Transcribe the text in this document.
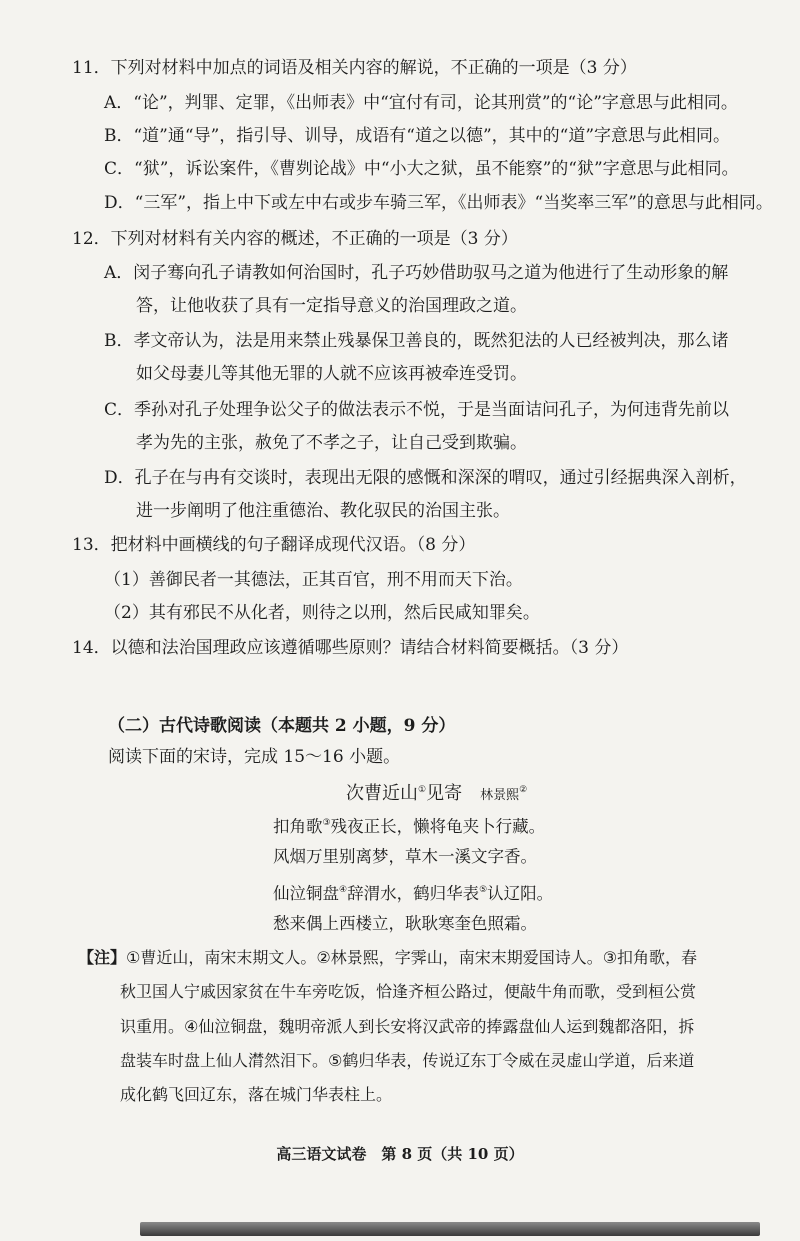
11．下列对材料中加点的词语及相关内容的解说，不正确的一项是（3 分）
A．“论”，判罪、定罪，《出师表》中“宜付有司，论其刑赏”的“论”字意思与此相同。
B．“道”通“导”，指引导、训导，成语有“道之以德”，其中的“道”字意思与此相同。
C．“狱”，诉讼案件，《曹刿论战》中“小大之狱，虽不能察”的“狱”字意思与此相同。
D．“三军”，指上中下或左中右或步车骑三军，《出师表》“当奖率三军”的意思与此相同。
12．下列对材料有关内容的概述，不正确的一项是（3 分）
A．闵子骞向孔子请教如何治国时，孔子巧妙借助驭马之道为他进行了生动形象的解
答，让他收获了具有一定指导意义的治国理政之道。
B．孝文帝认为，法是用来禁止残暴保卫善良的，既然犯法的人已经被判决，那么诸
如父母妻儿等其他无罪的人就不应该再被牵连受罚。
C．季孙对孔子处理争讼父子的做法表示不悦，于是当面诘问孔子，为何违背先前以
孝为先的主张，赦免了不孝之子，让自己受到欺骗。
D．孔子在与冉有交谈时，表现出无限的感慨和深深的喟叹，通过引经据典深入剖析，
进一步阐明了他注重德治、教化驭民的治国主张。
13．把材料中画横线的句子翻译成现代汉语。（8 分）
（1）善御民者一其德法，正其百官，刑不用而天下治。
（2）其有邪民不从化者，则待之以刑，然后民咸知罪矣。
14．以德和法治国理政应该遵循哪些原则？请结合材料简要概括。（3 分）
（二）古代诗歌阅读（本题共 2 小题，9 分）
阅读下面的宋诗，完成 15～16 小题。
次曹近山①见寄 林景熙②
扣角歌③残夜正长，懒将龟夹卜行藏。
风烟万里别离梦，草木一溪文字香。
仙泣铜盘④辞渭水，鹤归华表⑤认辽阳。
愁来偶上西楼立，耿耿寒奎色照霜。
【注】①曹近山，南宋末期文人。②林景熙，字霁山，南宋末期爱国诗人。③扣角歌，春
秋卫国人宁戚因家贫在牛车旁吃饭，恰逢齐桓公路过，便敲牛角而歌，受到桓公赏
识重用。④仙泣铜盘，魏明帝派人到长安将汉武帝的捧露盘仙人运到魏都洛阳，拆
盘装车时盘上仙人潸然泪下。⑤鹤归华表，传说辽东丁令威在灵虚山学道，后来道
成化鹤飞回辽东，落在城门华表柱上。
高三语文试卷　第 8 页（共 10 页）
